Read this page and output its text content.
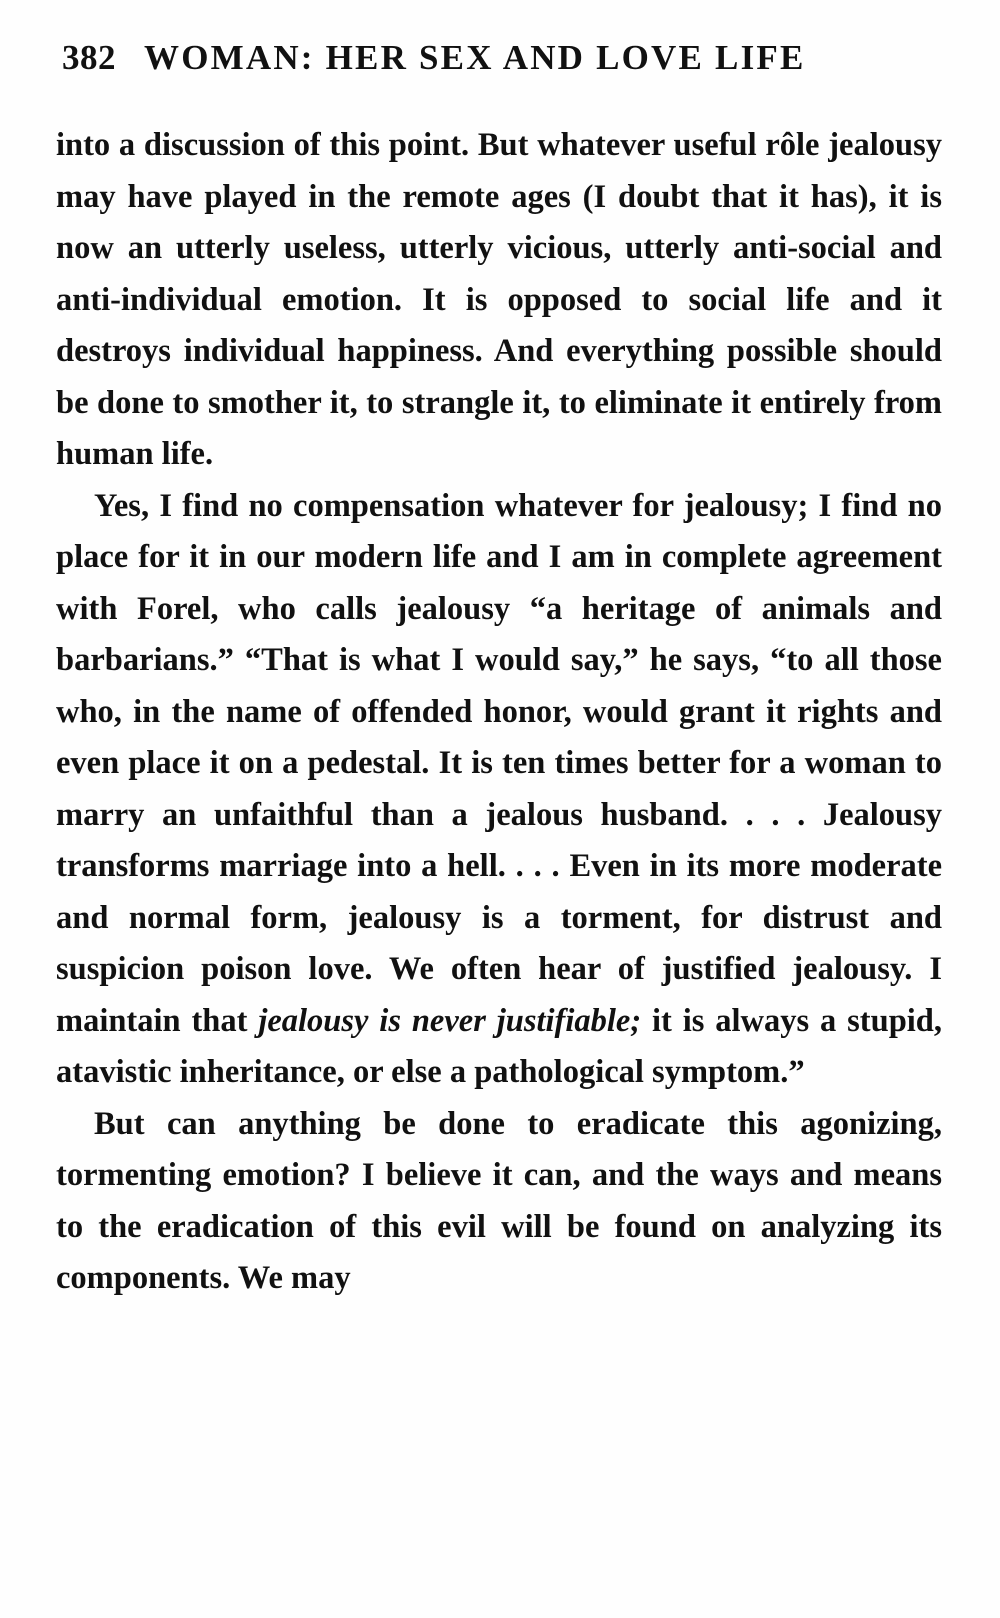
382 WOMAN: HER SEX AND LOVE LIFE

into a discussion of this point. But whatever useful rôle jealousy may have played in the remote ages (I doubt that it has), it is now an utterly useless, utterly vicious, utterly anti-social and anti-individual emotion. It is opposed to social life and it destroys individual happiness. And everything possible should be done to smother it, to strangle it, to eliminate it entirely from human life.

Yes, I find no compensation whatever for jealousy; I find no place for it in our modern life and I am in complete agreement with Forel, who calls jealousy “a heritage of animals and barbarians.” “That is what I would say,” he says, “to all those who, in the name of offended honor, would grant it rights and even place it on a pedestal. It is ten times better for a woman to marry an unfaithful than a jealous husband. . . . Jealousy transforms marriage into a hell. . . . Even in its more moderate and normal form, jealousy is a torment, for distrust and suspicion poison love. We often hear of justified jealousy. I maintain that jealousy is never justifiable; it is always a stupid, atavistic inheritance, or else a pathological symptom.”

But can anything be done to eradicate this agonizing, tormenting emotion? I believe it can, and the ways and means to the eradication of this evil will be found on analyzing its components. We may
